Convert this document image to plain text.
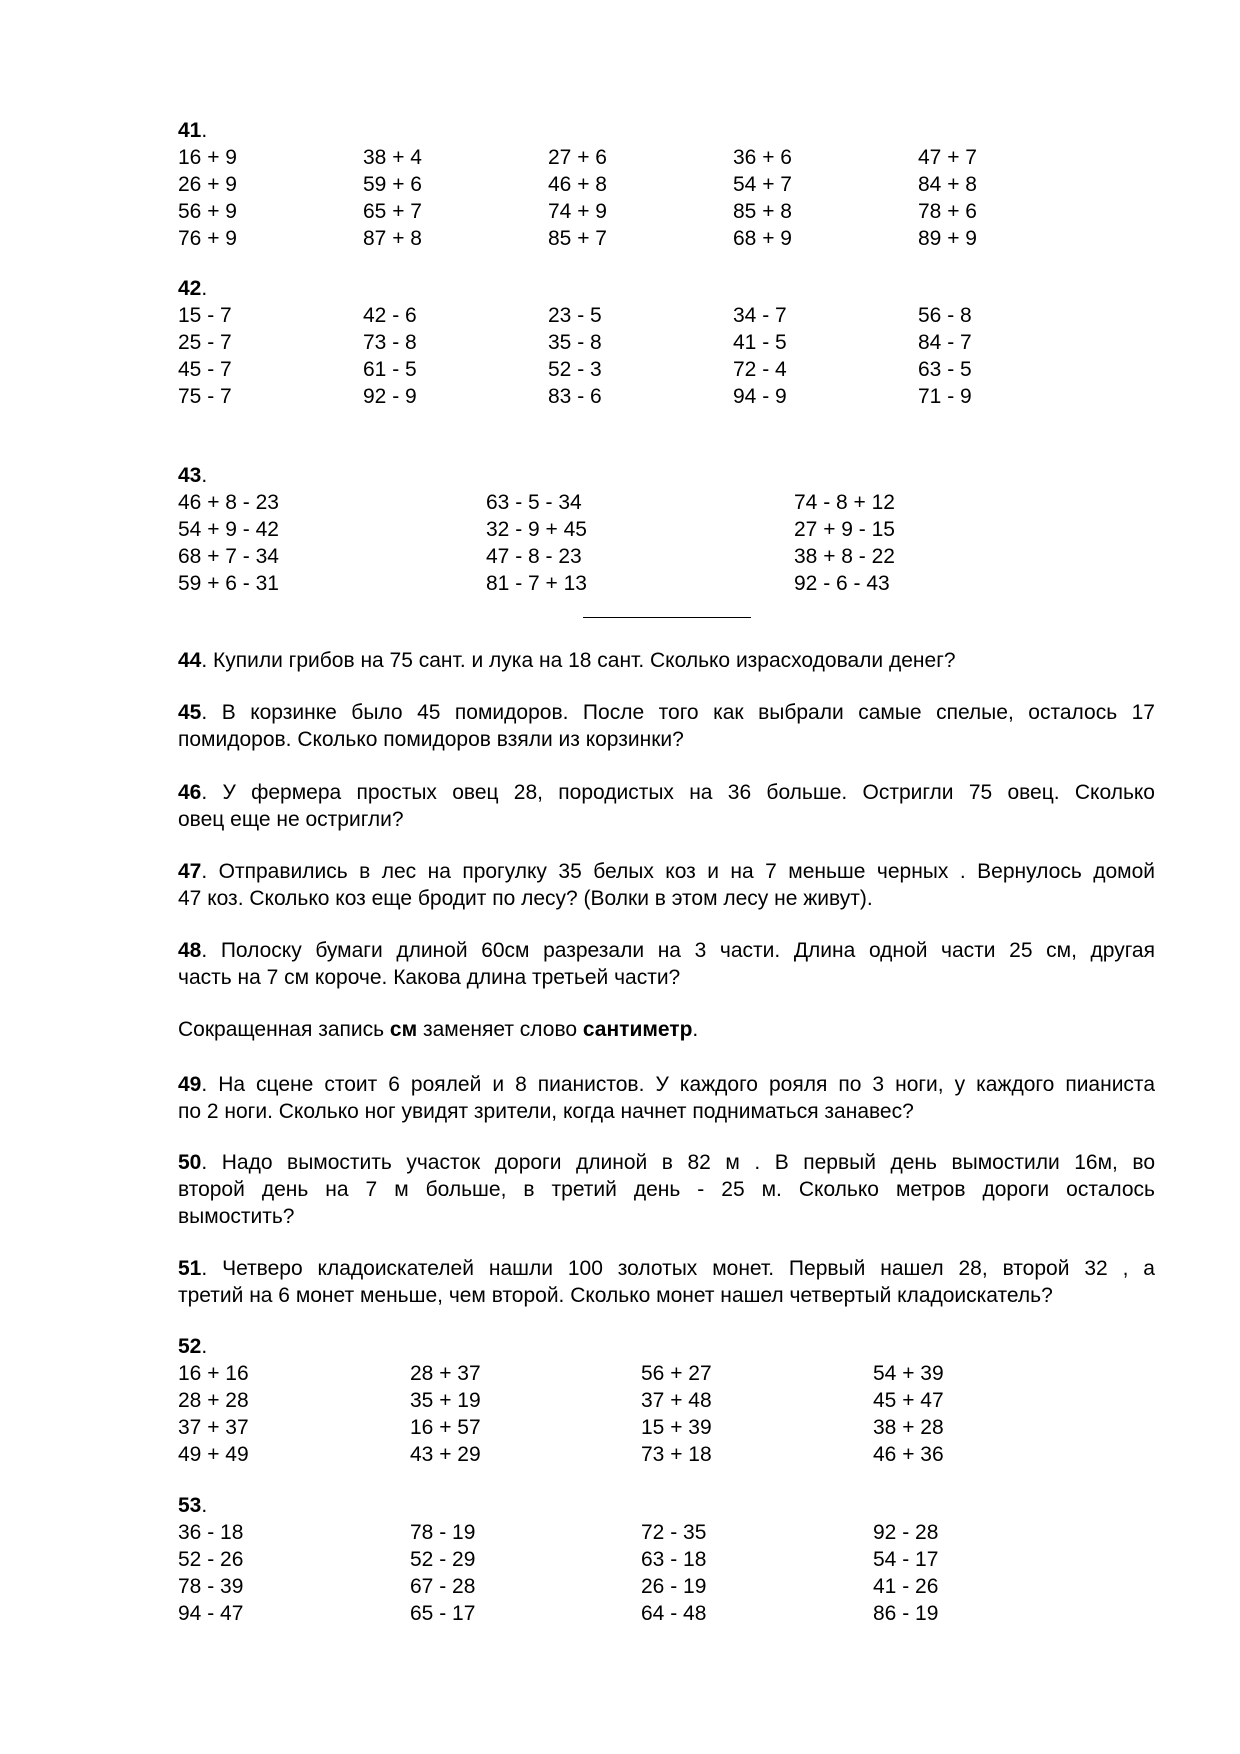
41.
16 + 9	38 + 4	27 + 6	36 + 6	47 + 7
26 + 9	59 + 6	46 + 8	54 + 7	84 + 8
56 + 9	65 + 7	74 + 9	85 + 8	78 + 6
76 + 9	87 + 8	85 + 7	68 + 9	89 + 9
42.
15 - 7	42 - 6	23 - 5	34 - 7	56 - 8
25 - 7	73 - 8	35 - 8	41 - 5	84 - 7
45 - 7	61 - 5	52 - 3	72 - 4	63 - 5
75 - 7	92 - 9	83 - 6	94 - 9	71 - 9
43.
46 + 8 - 23	63 - 5 - 34	74 - 8 + 12
54 + 9 - 42	32 - 9 + 45	27 + 9 - 15
68 + 7 - 34	47 - 8 - 23	38 + 8 - 22
59 + 6 - 31	81 - 7 + 13	92 - 6 - 43
52.
16 + 16	28 + 37	56 + 27	54 + 39
28 + 28	35 + 19	37 + 48	45 + 47
37 + 37	16 + 57	15 + 39	38 + 28
49 + 49	43 + 29	73 + 18	46 + 36
53.
36 - 18	78 - 19	72 - 35	92 - 28
52 - 26	52 - 29	63 - 18	54 - 17
78 - 39	67 - 28	26 - 19	41 - 26
94 - 47	65 - 17	64 - 48	86 - 19
44. Купили грибов на 75 сант. и лука на 18 сант. Сколько израсходовали денег?
45. В корзинке было 45 помидоров. После того как выбрали самые спелые, осталось 17
помидоров. Сколько помидоров взяли из корзинки?
46. У фермера простых овец 28, породистых на 36 больше. Остригли 75 овец. Сколько
овец еще не остригли?
47. Отправились в лес на прогулку 35 белых коз и на 7 меньше черных . Вернулось домой
47 коз. Сколько коз еще бродит по лесу? (Волки в этом лесу не живут).
48. Полоску бумаги длиной 60см разрезали на 3 части. Длина одной части 25 см, другая
часть на 7 см короче. Какова длина третьей части?
49. На сцене стоит 6 роялей и 8 пианистов. У каждого рояля по 3 ноги, у каждого пианиста
по 2 ноги. Сколько ног увидят зрители, когда начнет подниматься занавес?
50. Надо вымостить участок дороги длиной в 82 м . В первый день вымостили 16м, во
второй день на 7 м больше, в третий день - 25 м. Сколько метров дороги осталось
вымостить?
51. Четверо кладоискателей нашли 100 золотых монет. Первый нашел 28, второй 32 , а
третий на 6 монет меньше, чем второй. Сколько монет нашел четвертый кладоискатель?
Сокращенная запись см заменяет слово сантиметр.
